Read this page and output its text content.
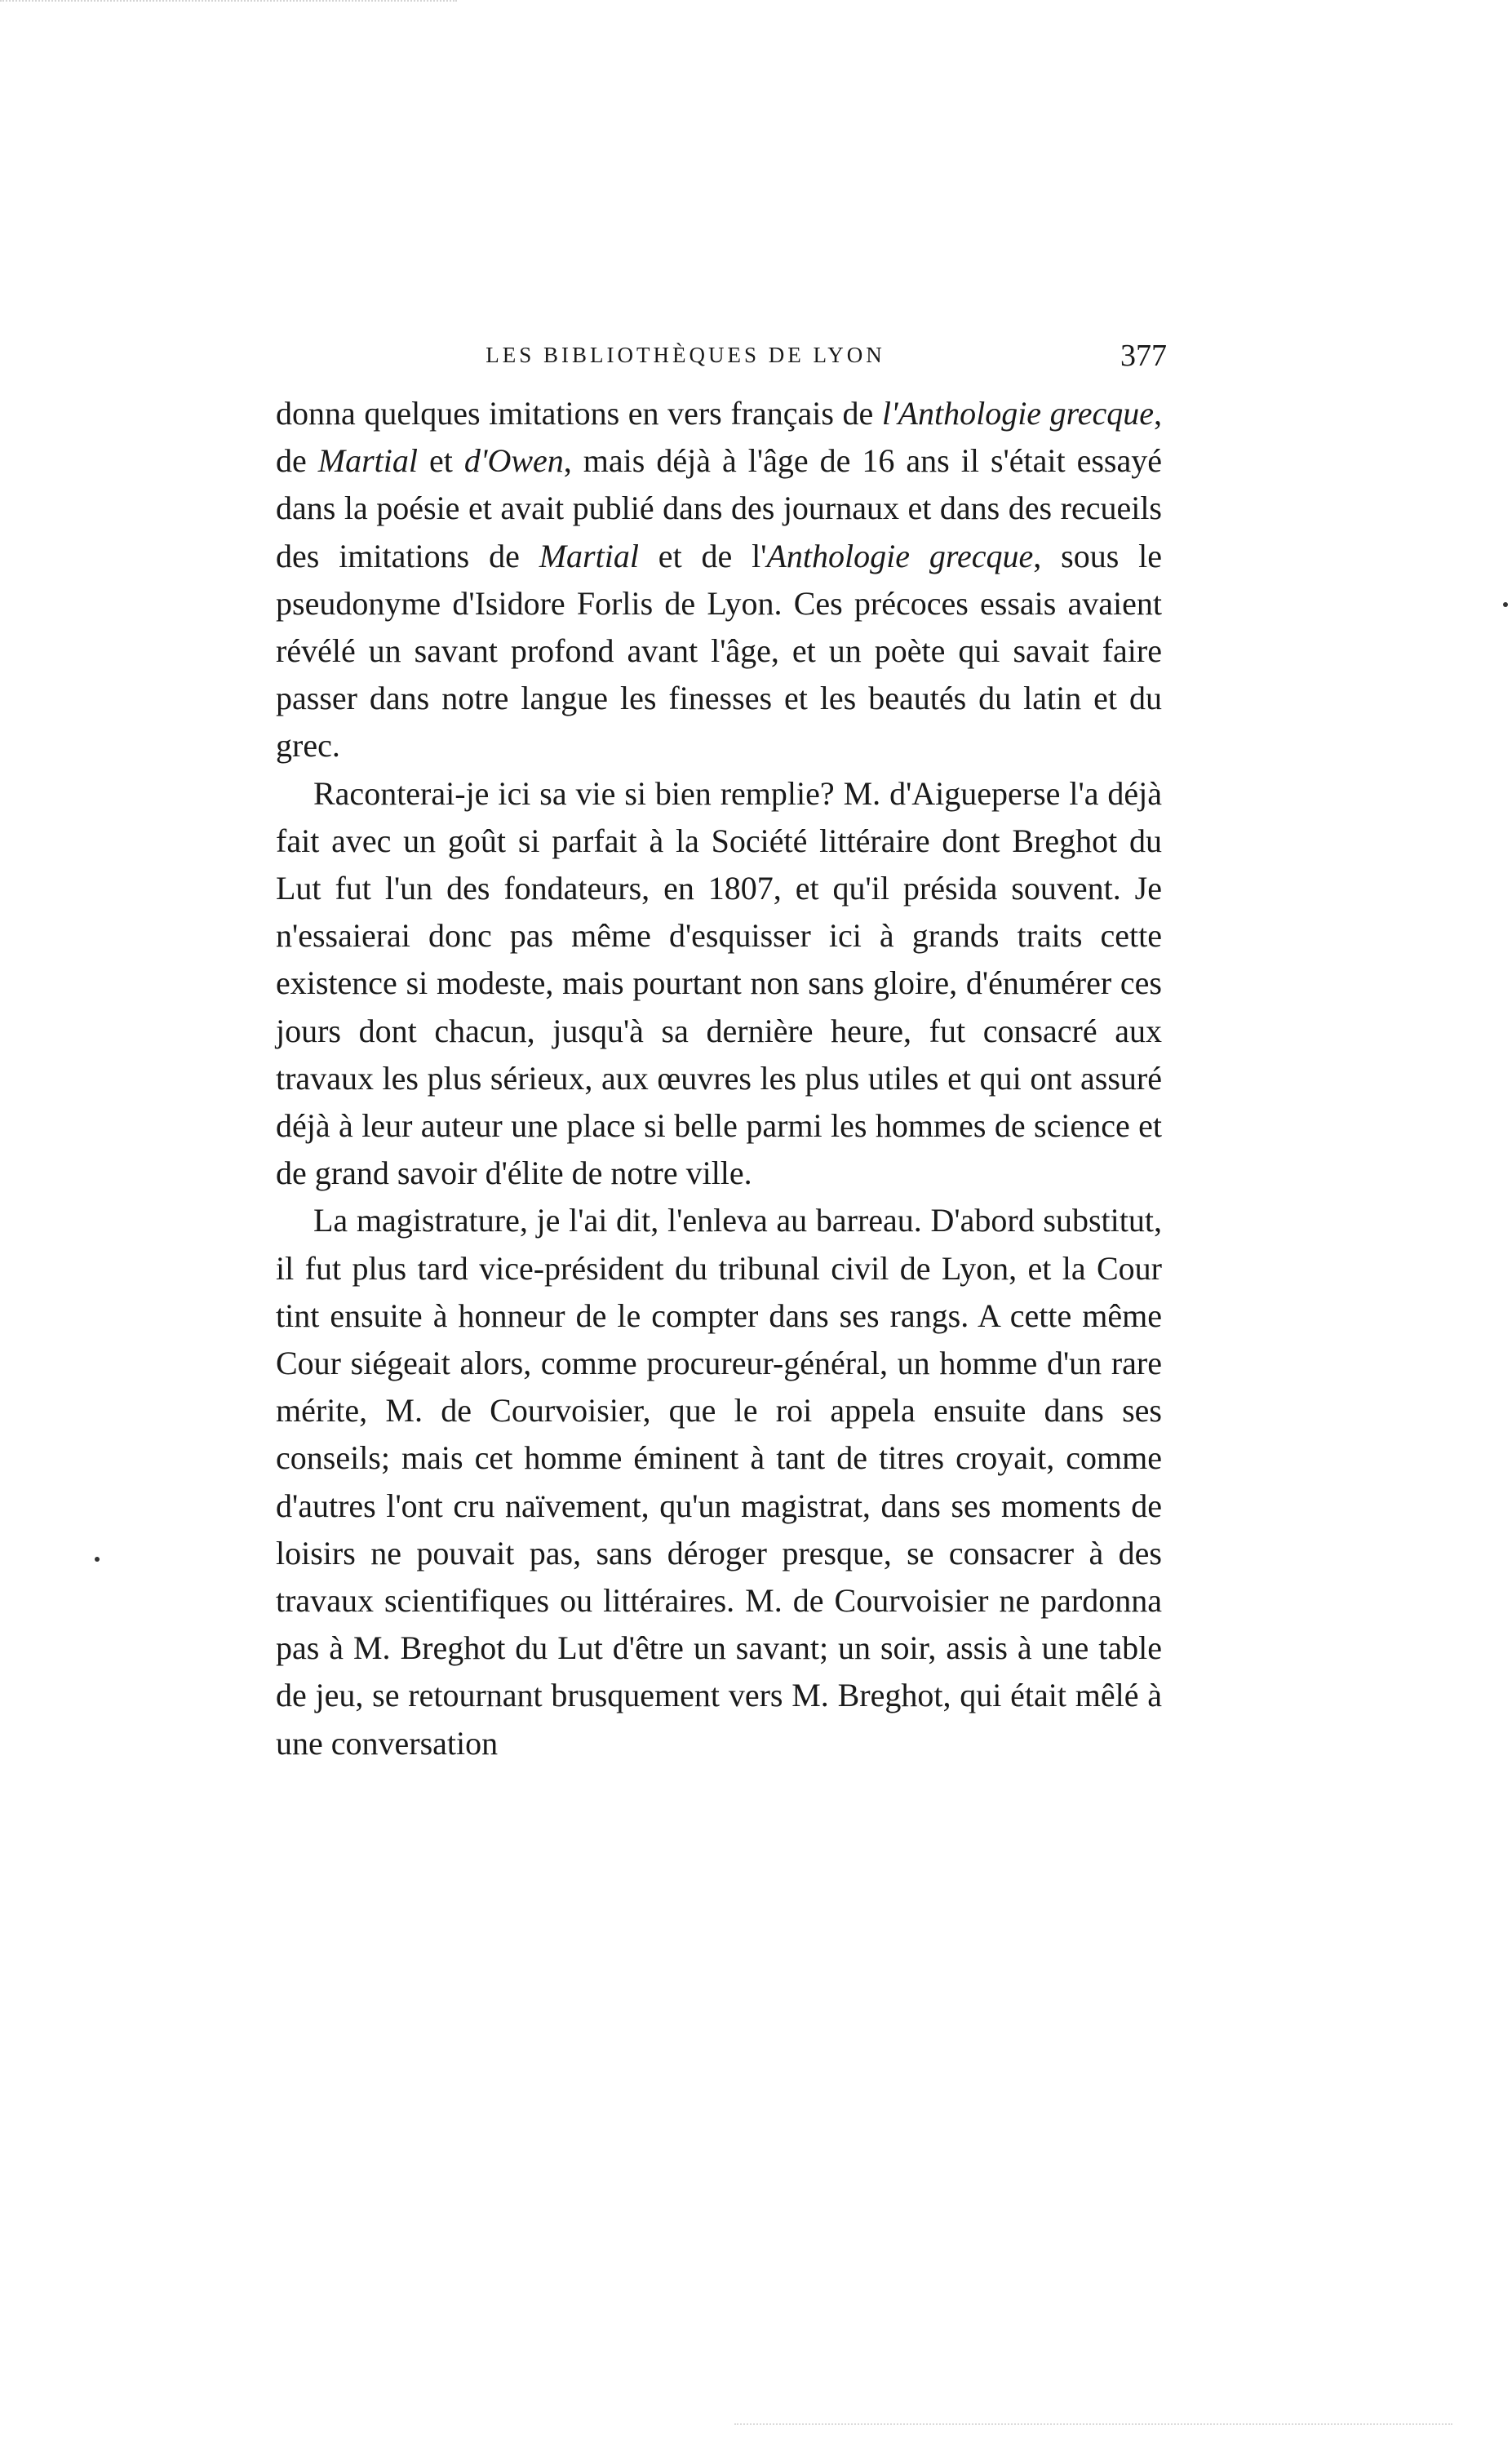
LES BIBLIOTHÈQUES DE LYON	377

donna quelques imitations en vers français de l'Anthologie grecque, de Martial et d'Owen, mais déjà à l'âge de 16 ans il s'était essayé dans la poésie et avait publié dans des journaux et dans des recueils des imitations de Martial et de l'Anthologie grecque, sous le pseudonyme d'Isidore Forlis de Lyon. Ces précoces essais avaient révélé un savant profond avant l'âge, et un poète qui savait faire passer dans notre langue les finesses et les beautés du latin et du grec.

Raconterai-je ici sa vie si bien remplie? M. d'Aigueperse l'a déjà fait avec un goût si parfait à la Société littéraire dont Breghot du Lut fut l'un des fondateurs, en 1807, et qu'il présida souvent. Je n'essaierai donc pas même d'esquisser ici à grands traits cette existence si modeste, mais pourtant non sans gloire, d'énumérer ces jours dont chacun, jusqu'à sa dernière heure, fut consacré aux travaux les plus sérieux, aux œuvres les plus utiles et qui ont assuré déjà à leur auteur une place si belle parmi les hommes de science et de grand savoir d'élite de notre ville.

La magistrature, je l'ai dit, l'enleva au barreau. D'abord substitut, il fut plus tard vice-président du tribunal civil de Lyon, et la Cour tint ensuite à honneur de le compter dans ses rangs. A cette même Cour siégeait alors, comme procureur-général, un homme d'un rare mérite, M. de Courvoisier, que le roi appela ensuite dans ses conseils; mais cet homme éminent à tant de titres croyait, comme d'autres l'ont cru naïvement, qu'un magistrat, dans ses moments de loisirs ne pouvait pas, sans déroger presque, se consacrer à des travaux scientifiques ou littéraires. M. de Courvoisier ne pardonna pas à M. Breghot du Lut d'être un savant; un soir, assis à une table de jeu, se retournant brusquement vers M. Breghot, qui était mêlé à une conversation
